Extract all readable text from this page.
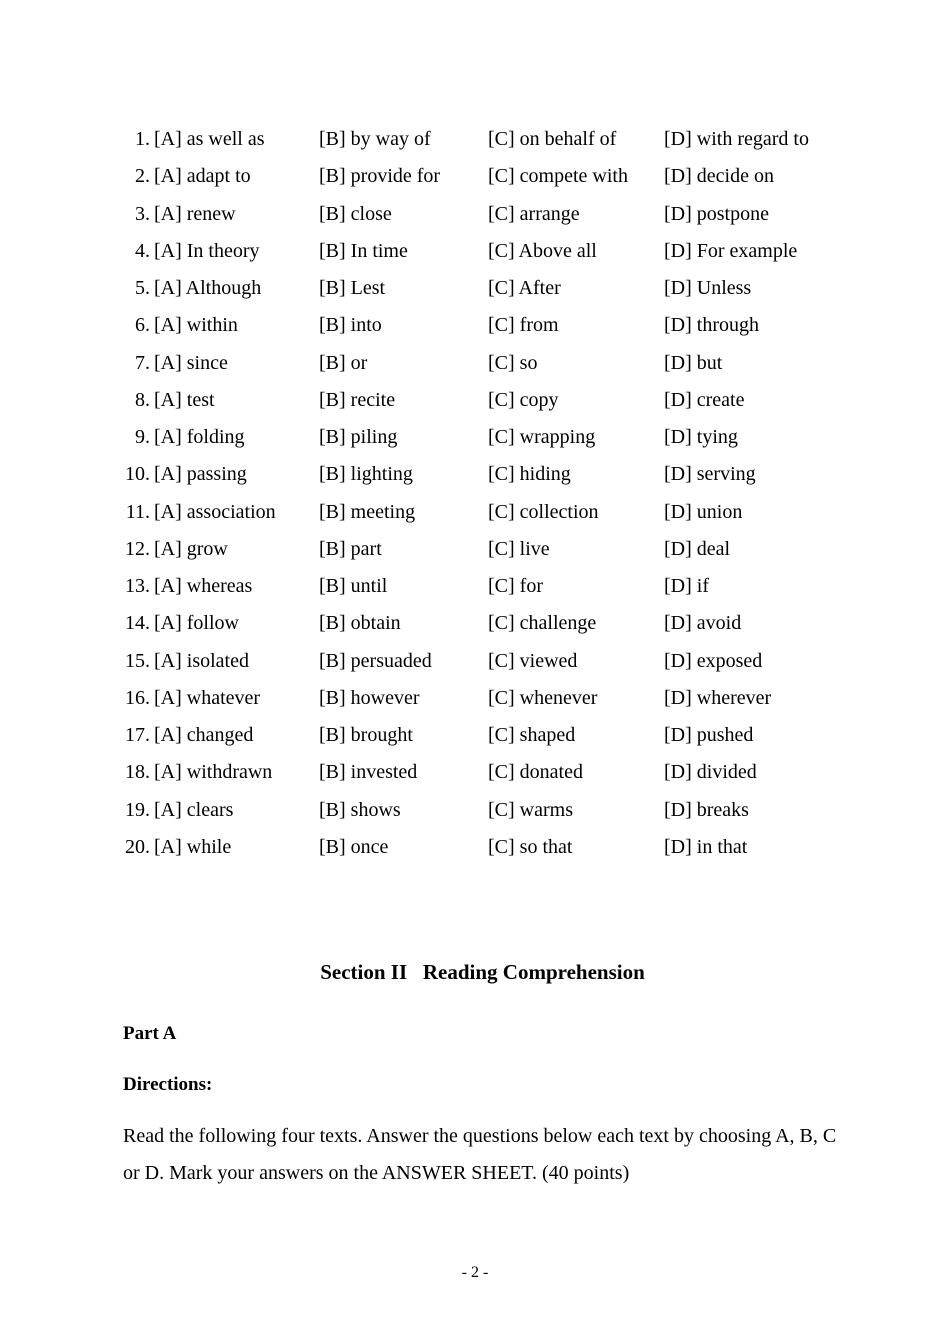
1. [A] as well as	[B] by way of	[C] on behalf of [D] with regard to
2. [A] adapt to	[B] provide for [C] compete with [D] decide on
3. [A] renew	[B] close	[C] arrange	[D] postpone
4. [A] In theory	[B] In time	[C] Above all	[D] For example
5. [A] Although	[B] Lest	[C] After	[D] Unless
6. [A] within	[B] into	[C] from	[D] through
7. [A] since	[B] or	[C] so	[D] but
8. [A] test	[B] recite	[C] copy	[D] create
9. [A] folding	[B] piling	[C] wrapping	[D] tying
10. [A] passing	[B] lighting	[C] hiding	[D] serving
11. [A] association [B] meeting	[C] collection	[D] union
12. [A] grow	[B] part	[C] live	[D] deal
13. [A] whereas	[B] until	[C] for	[D] if
14. [A] follow	[B] obtain	[C] challenge	[D] avoid
15. [A] isolated	[B] persuaded	[C] viewed	[D] exposed
16. [A] whatever	[B] however	[C] whenever	[D] wherever
17. [A] changed	[B] brought	[C] shaped	[D] pushed
18. [A] withdrawn [B] invested	[C] donated	[D] divided
19. [A] clears	[B] shows	[C] warms	[D] breaks
20. [A] while	[B] once	[C] so that	[D] in that
Section II   Reading Comprehension
Part A
Directions:
Read the following four texts. Answer the questions below each text by choosing A, B, C or D. Mark your answers on the ANSWER SHEET. (40 points)
- 2 -
